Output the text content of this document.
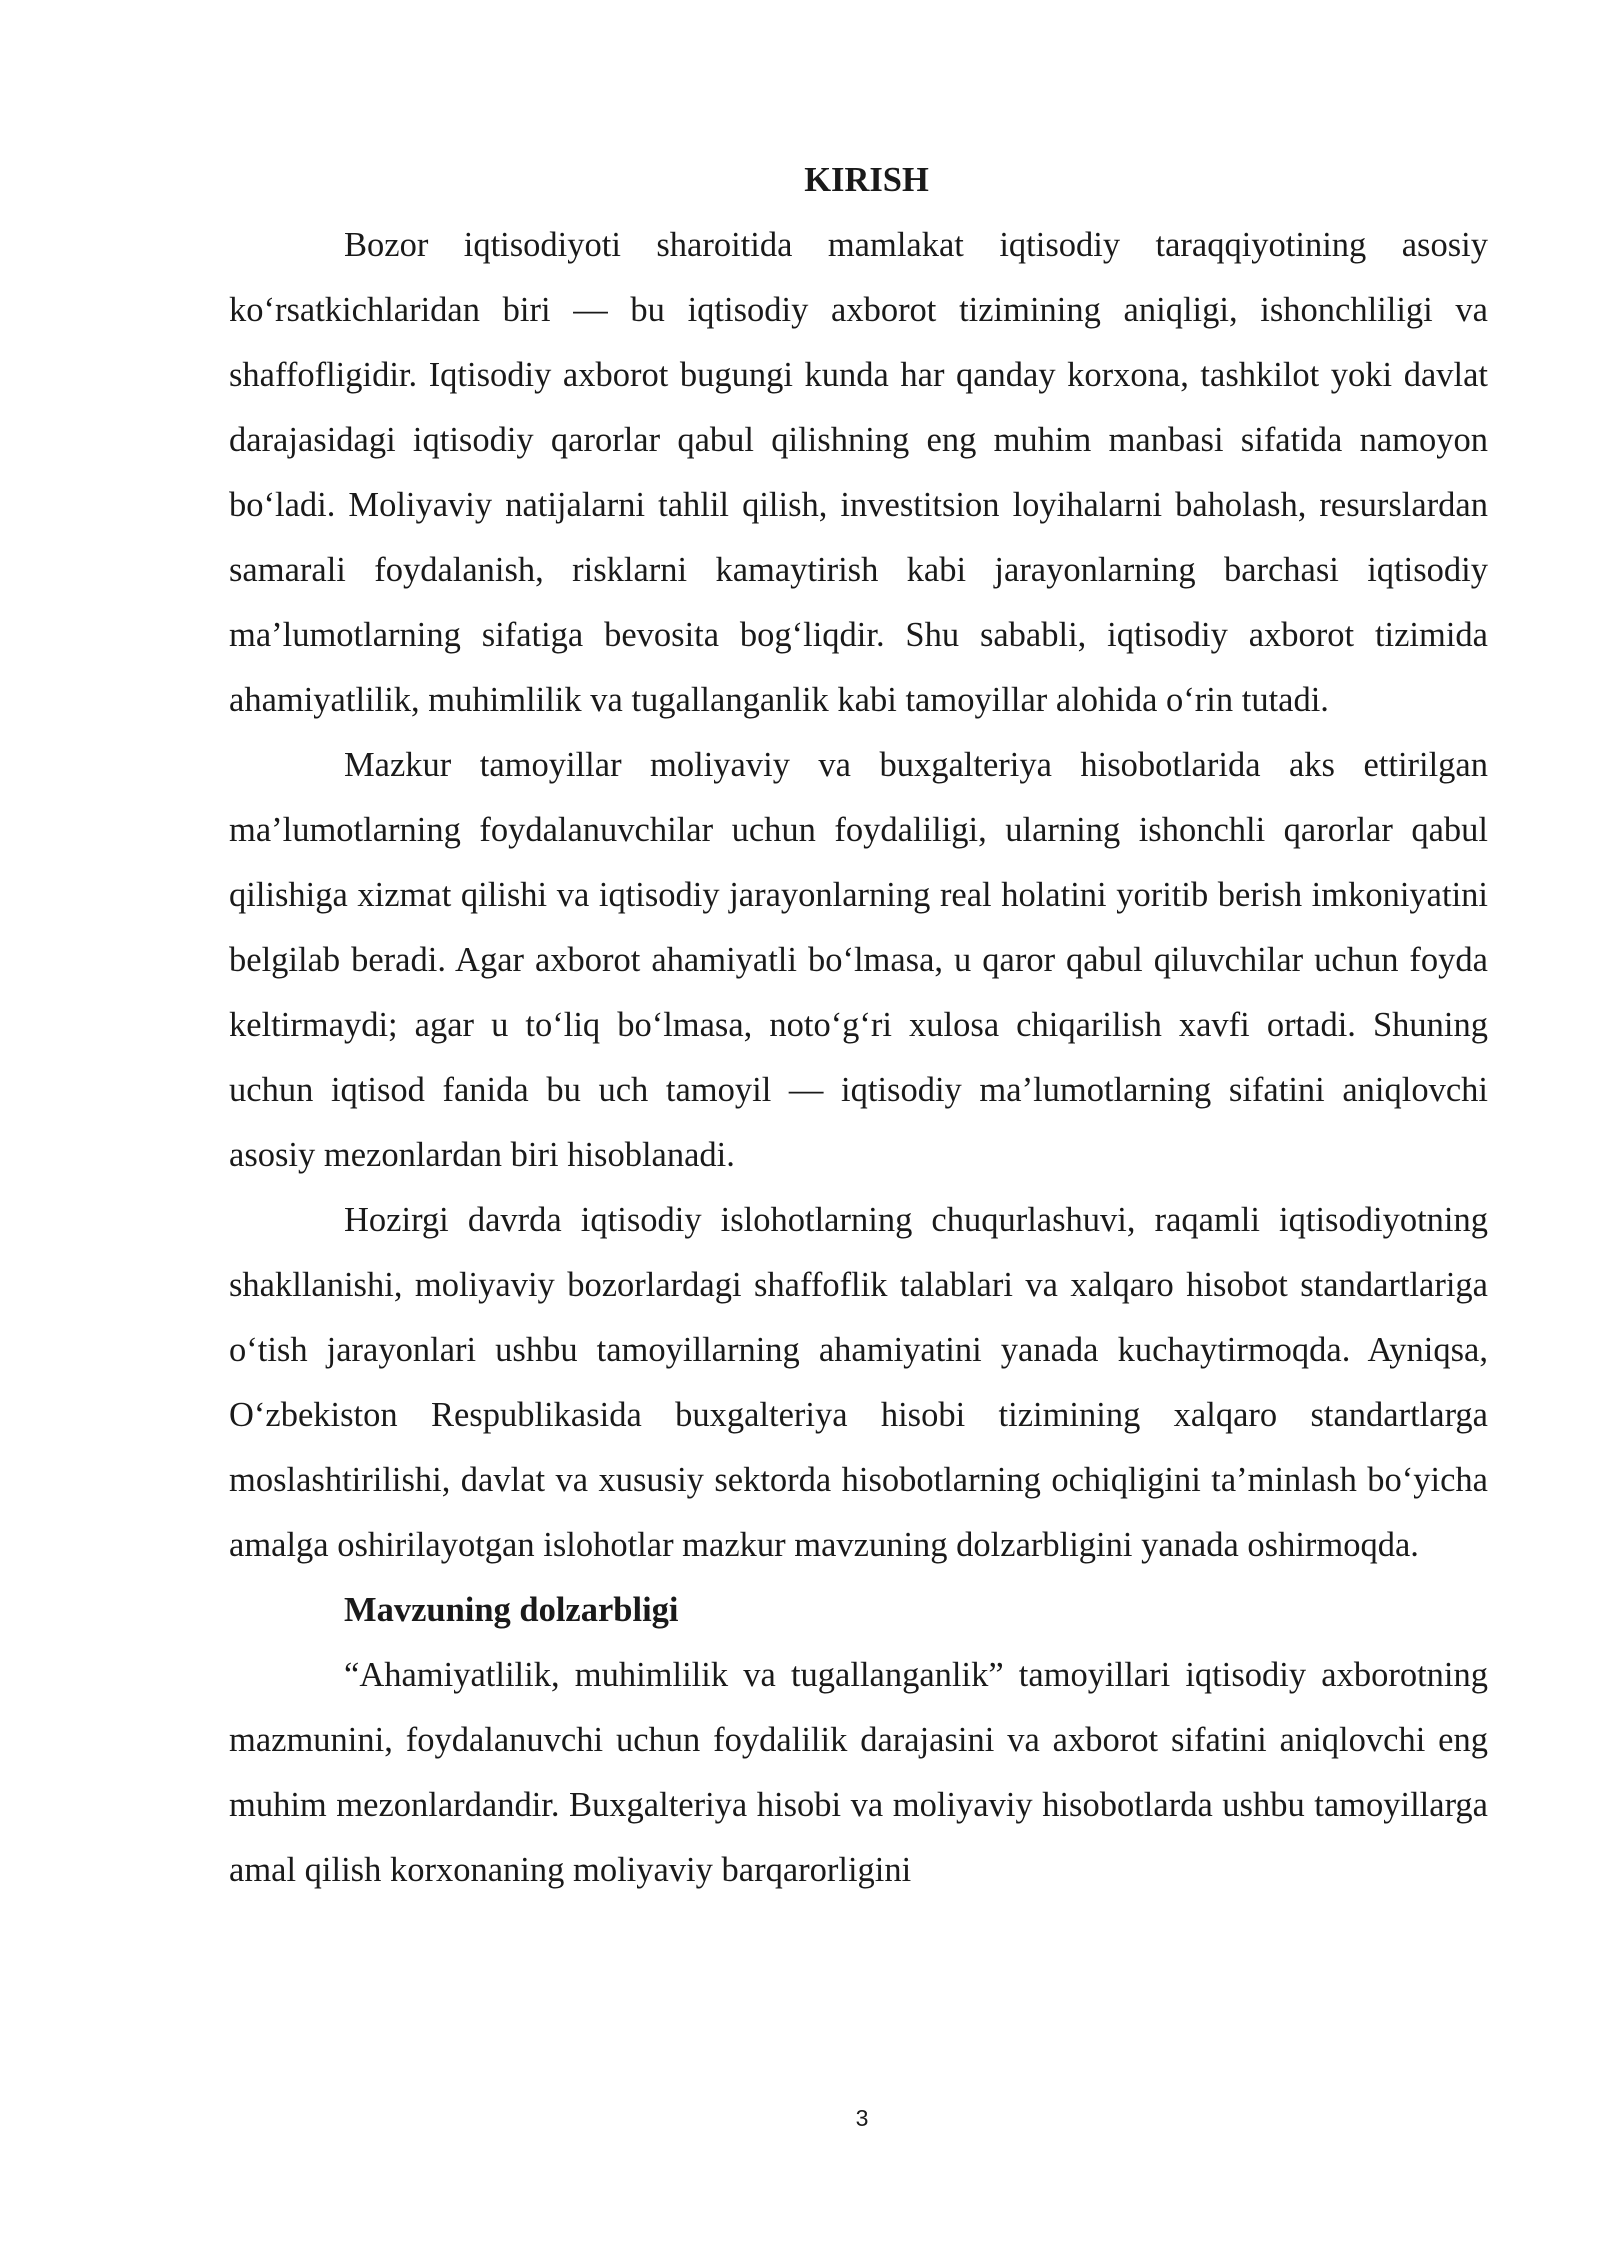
KIRISH

Bozor iqtisodiyoti sharoitida mamlakat iqtisodiy taraqqiyotining asosiy ko‘rsatkichlaridan biri — bu iqtisodiy axborot tizimining aniqligi, ishonchliligi va shaffofligidir. Iqtisodiy axborot bugungi kunda har qanday korxona, tashkilot yoki davlat darajasidagi iqtisodiy qarorlar qabul qilishning eng muhim manbasi sifatida namoyon bo‘ladi. Moliyaviy natijalarni tahlil qilish, investitsion loyihalarni baholash, resurslardan samarali foydalanish, risklarni kamaytirish kabi jarayonlarning barchasi iqtisodiy ma’lumotlarning sifatiga bevosita bog‘liqdir. Shu sababli, iqtisodiy axborot tizimida ahamiyatlilik, muhimlilik va tugallanganlik kabi tamoyillar alohida o‘rin tutadi.

Mazkur tamoyillar moliyaviy va buxgalteriya hisobotlarida aks ettirilgan ma’lumotlarning foydalanuvchilar uchun foydaliligi, ularning ishonchli qarorlar qabul qilishiga xizmat qilishi va iqtisodiy jarayonlarning real holatini yoritib berish imkoniyatini belgilab beradi. Agar axborot ahamiyatli bo‘lmasa, u qaror qabul qiluvchilar uchun foyda keltirmaydi; agar u to‘liq bo‘lmasa, noto‘g‘ri xulosa chiqarilish xavfi ortadi. Shuning uchun iqtisod fanida bu uch tamoyil — iqtisodiy ma’lumotlarning sifatini aniqlovchi asosiy mezonlardan biri hisoblanadi.

Hozirgi davrda iqtisodiy islohotlarning chuqurlashuvi, raqamli iqtisodiyotning shakllanishi, moliyaviy bozorlardagi shaffoflik talablari va xalqaro hisobot standartlariga o‘tish jarayonlari ushbu tamoyillarning ahamiyatini yanada kuchaytirmoqda. Ayniqsa, O‘zbekiston Respublikasida buxgalteriya hisobi tizimining xalqaro standartlarga moslashtirilishi, davlat va xususiy sektorda hisobotlarning ochiqligini ta’minlash bo‘yicha amalga oshirilayotgan islohotlar mazkur mavzuning dolzarbligini yanada oshirmoqda.

Mavzuning dolzarbligi

“Ahamiyatlilik, muhimlilik va tugallanganlik” tamoyillari iqtisodiy axborotning mazmunini, foydalanuvchi uchun foydalilik darajasini va axborot sifatini aniqlovchi eng muhim mezonlardandir. Buxgalteriya hisobi va moliyaviy hisobotlarda ushbu tamoyillarga amal qilish korxonaning moliyaviy barqarorligini

3
